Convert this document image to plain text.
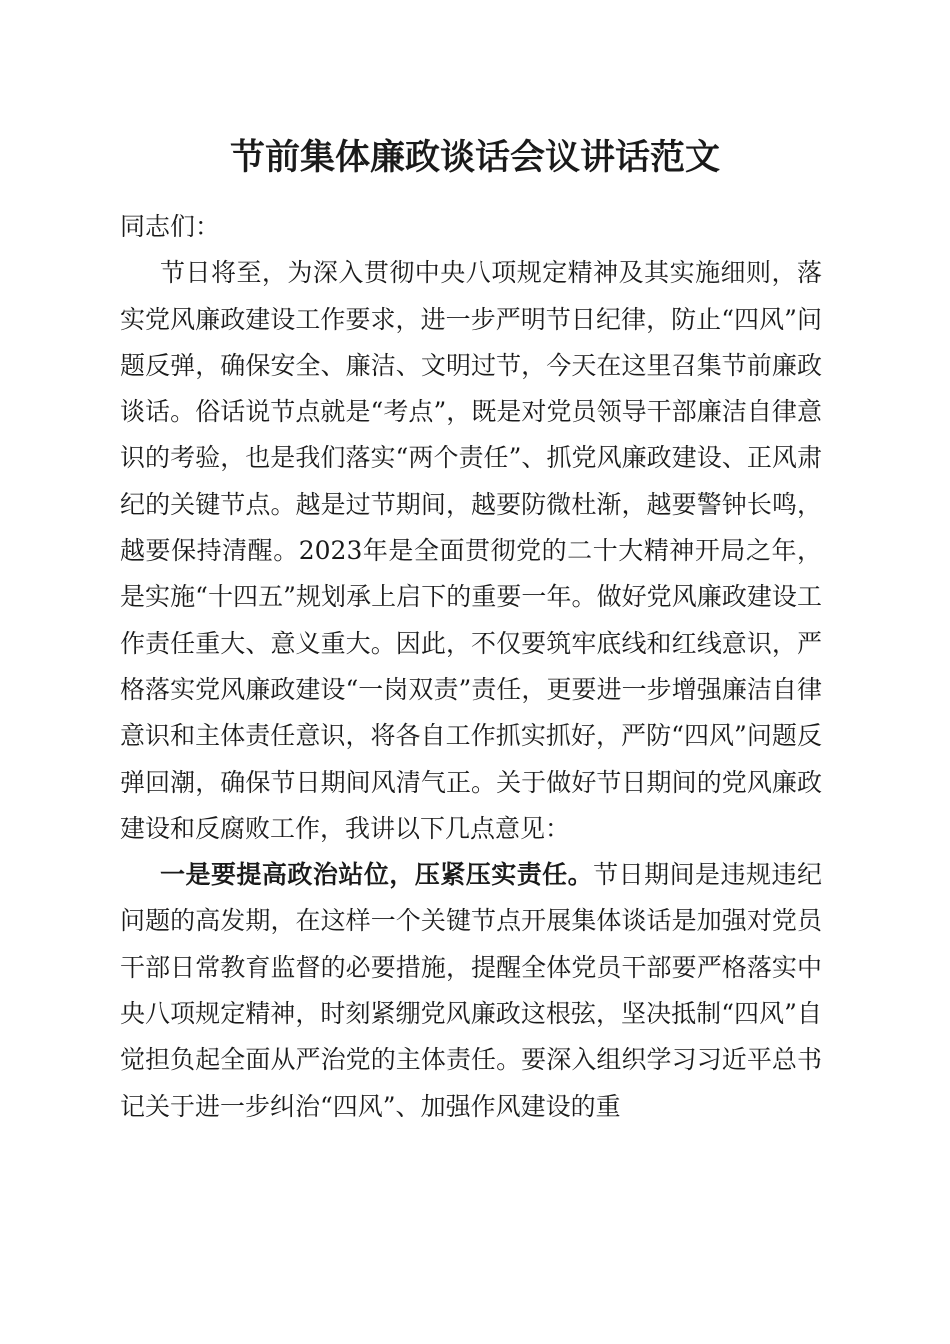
节前集体廉政谈话会议讲话范文

同志们：

节日将至，为深入贯彻中央八项规定精神及其实施细则，落实党风廉政建设工作要求，进一步严明节日纪律，防止“四风”问题反弹，确保安全、廉洁、文明过节，今天在这里召集节前廉政谈话。俗话说节点就是“考点”，既是对党员领导干部廉洁自律意识的考验，也是我们落实“两个责任”、抓党风廉政建设、正风肃纪的关键节点。越是过节期间，越要防微杜渐，越要警钟长鸣，越要保持清醒。2023年是全面贯彻党的二十大精神开局之年，是实施“十四五”规划承上启下的重要一年。做好党风廉政建设工作责任重大、意义重大。因此，不仅要筑牢底线和红线意识，严格落实党风廉政建设“一岗双责”责任，更要进一步增强廉洁自律意识和主体责任意识，将各自工作抓实抓好，严防“四风”问题反弹回潮，确保节日期间风清气正。关于做好节日期间的党风廉政建设和反腐败工作，我讲以下几点意见：

一是要提高政治站位，压紧压实责任。节日期间是违规违纪问题的高发期，在这样一个关键节点开展集体谈话是加强对党员干部日常教育监督的必要措施，提醒全体党员干部要严格落实中央八项规定精神，时刻紧绷党风廉政这根弦，坚决抵制“四风”自觉担负起全面从严治党的主体责任。要深入组织学习习近平总书记关于进一步纠治“四风”、加强作风建设的重
